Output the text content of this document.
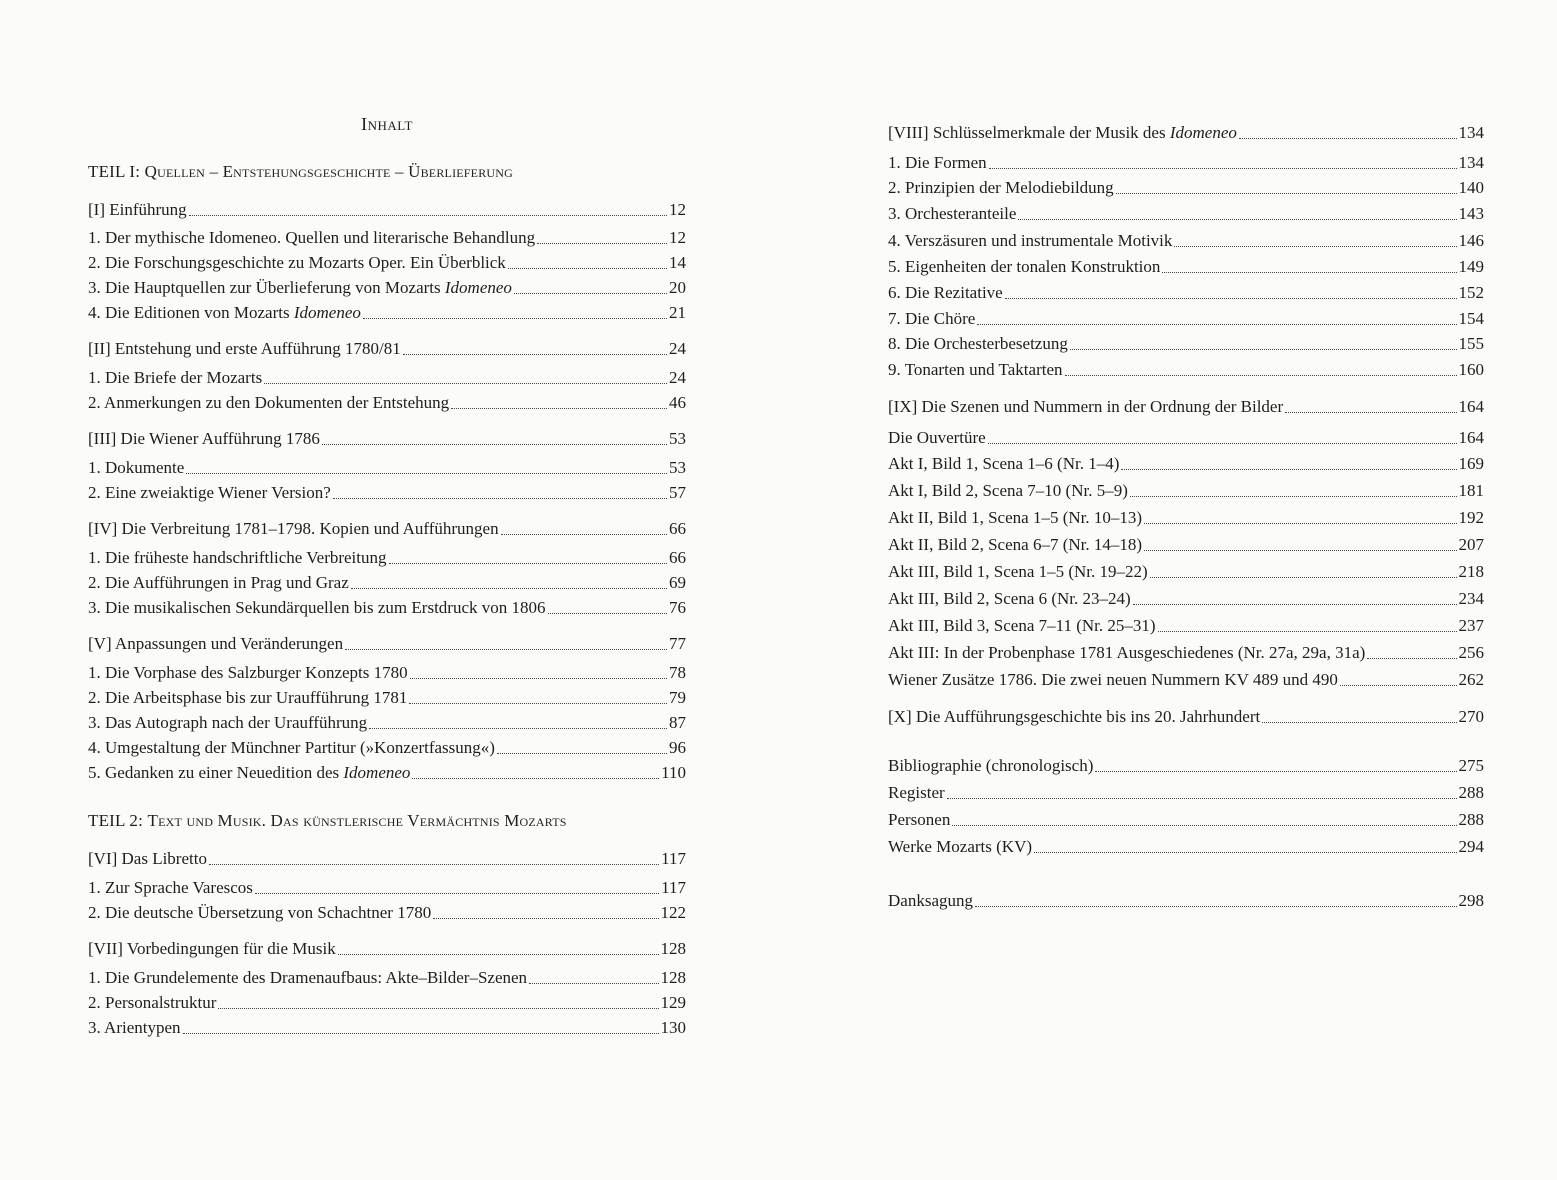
Inhalt
TEIL I: Quellen – Entstehungsgeschichte – Überlieferung
TEIL 2: Text und Musik. Das künstlerische Vermächtnis Mozarts
[I] Einführung	12
1. Der mythische Idomeneo. Quellen und literarische Behandlung	12
2. Die Forschungsgeschichte zu Mozarts Oper. Ein Überblick	14
3. Die Hauptquellen zur Überlieferung von Mozarts Idomeneo	20
4. Die Editionen von Mozarts Idomeneo	21
[II] Entstehung und erste Aufführung 1780/81	24
1. Die Briefe der Mozarts	24
2. Anmerkungen zu den Dokumenten der Entstehung	46
[III] Die Wiener Aufführung 1786	53
1. Dokumente	53
2. Eine zweiaktige Wiener Version?	57
[IV] Die Verbreitung 1781–1798. Kopien und Aufführungen	66
1. Die früheste handschriftliche Verbreitung	66
2. Die Aufführungen in Prag und Graz	69
3. Die musikalischen Sekundärquellen bis zum Erstdruck von 1806	76
[V] Anpassungen und Veränderungen	77
1. Die Vorphase des Salzburger Konzepts 1780	78
2. Die Arbeitsphase bis zur Uraufführung 1781	79
3. Das Autograph nach der Uraufführung	87
4. Umgestaltung der Münchner Partitur (»Konzertfassung«)	96
5. Gedanken zu einer Neuedition des Idomeneo	110
[VI] Das Libretto	117
1. Zur Sprache Varescos	117
2. Die deutsche Übersetzung von Schachtner 1780	122
[VII] Vorbedingungen für die Musik	128
1. Die Grundelemente des Dramenaufbaus: Akte–Bilder–Szenen	128
2. Personalstruktur	129
3. Arientypen	130
[VIII] Schlüsselmerkmale der Musik des Idomeneo	134
1. Die Formen	134
2. Prinzipien der Melodiebildung	140
3. Orchesteranteile	143
4. Verszäsuren und instrumentale Motivik	146
5. Eigenheiten der tonalen Konstruktion	149
6. Die Rezitative	152
7. Die Chöre	154
8. Die Orchesterbesetzung	155
9. Tonarten und Taktarten	160
[IX] Die Szenen und Nummern in der Ordnung der Bilder	164
Die Ouvertüre	164
Akt I, Bild 1, Scena 1–6 (Nr. 1–4)	169
Akt I, Bild 2, Scena 7–10 (Nr. 5–9)	181
Akt II, Bild 1, Scena 1–5 (Nr. 10–13)	192
Akt II, Bild 2, Scena 6–7 (Nr. 14–18)	207
Akt III, Bild 1, Scena 1–5 (Nr. 19–22)	218
Akt III, Bild 2, Scena 6 (Nr. 23–24)	234
Akt III, Bild 3, Scena 7–11 (Nr. 25–31)	237
Akt III: In der Probenphase 1781 Ausgeschiedenes (Nr. 27a, 29a, 31a)	256
Wiener Zusätze 1786. Die zwei neuen Nummern KV 489 und 490	262
[X] Die Aufführungsgeschichte bis ins 20. Jahrhundert	270
Bibliographie (chronologisch)	275
Register	288
Personen	288
Werke Mozarts (KV)	294
Danksagung	298
